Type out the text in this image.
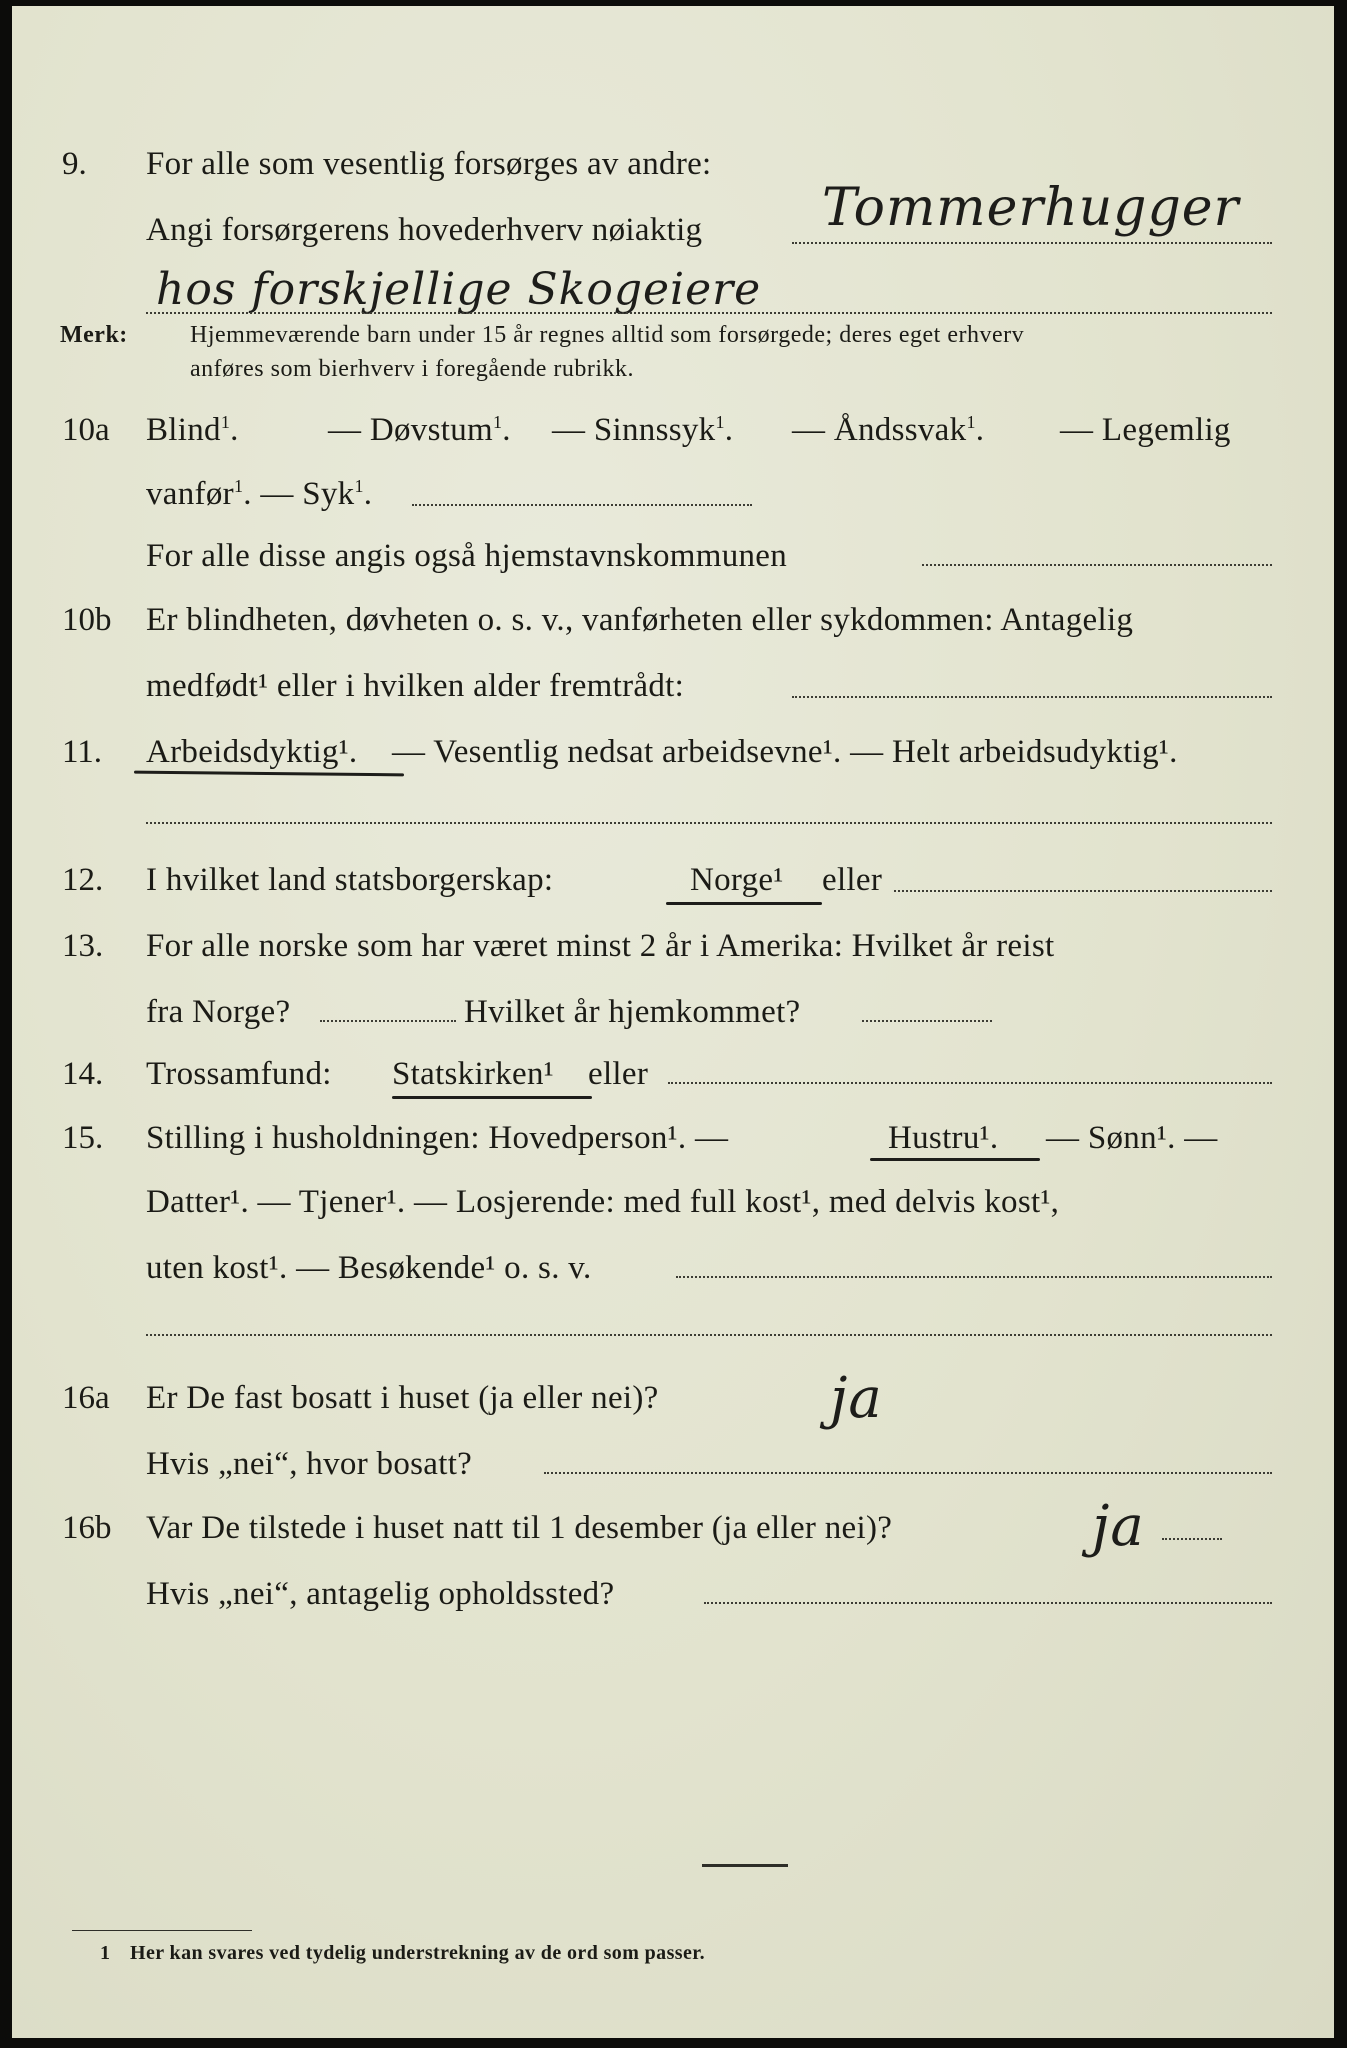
9. For alle som vesentlig forsørges av andre:
Angi forsørgerens hovederhverv nøiaktig Tommerhugger
hos forskjellige Skogeiere
Merk:	Hjemmeværende barn under 15 år regnes alltid som forsørgede; deres eget erhverv
anføres som bierhverv i foregående rubrikk.
10a Blind$^1$.	— Døvstum$^1$. — Sinnssyk$^1$. — Åndssvak$^1$. — Legemlig
vanfør$^1$. — Syk$^1$.
For alle disse angis også hjemstavnskommunen
10b Er blindheten, døvheten o. s. v., vanførheten eller sykdommen: Antagelig
medfødt¹ eller i hvilken alder fremtrådt:
11. Arbeidsdyktig¹. — Vesentlig nedsat arbeidsevne¹. — Helt arbeidsudyktig¹.
12. I hvilket land statsborgerskap:	Norge¹ eller
13. For alle norske som har været minst 2 år i Amerika: Hvilket år reist
fra Norge?	Hvilket år hjemkommet?
14. Trossamfund: Statskirken¹ eller
15. Stilling i husholdningen: Hovedperson¹. —	Hustru¹. — Sønn¹. —
Datter¹. — Tjener¹. — Losjerende: med full kost¹, med delvis kost¹,
uten kost¹. — Besøkende¹ o. s. v.
16a Er De fast bosatt i huset (ja eller nei)?	ja
Hvis „nei“, hvor bosatt?
16b Var De tilstede i huset natt til 1 desember (ja eller nei)?	ja
Hvis „nei“, antagelig opholdssted?
1 Her kan svares ved tydelig understrekning av de ord som passer.
